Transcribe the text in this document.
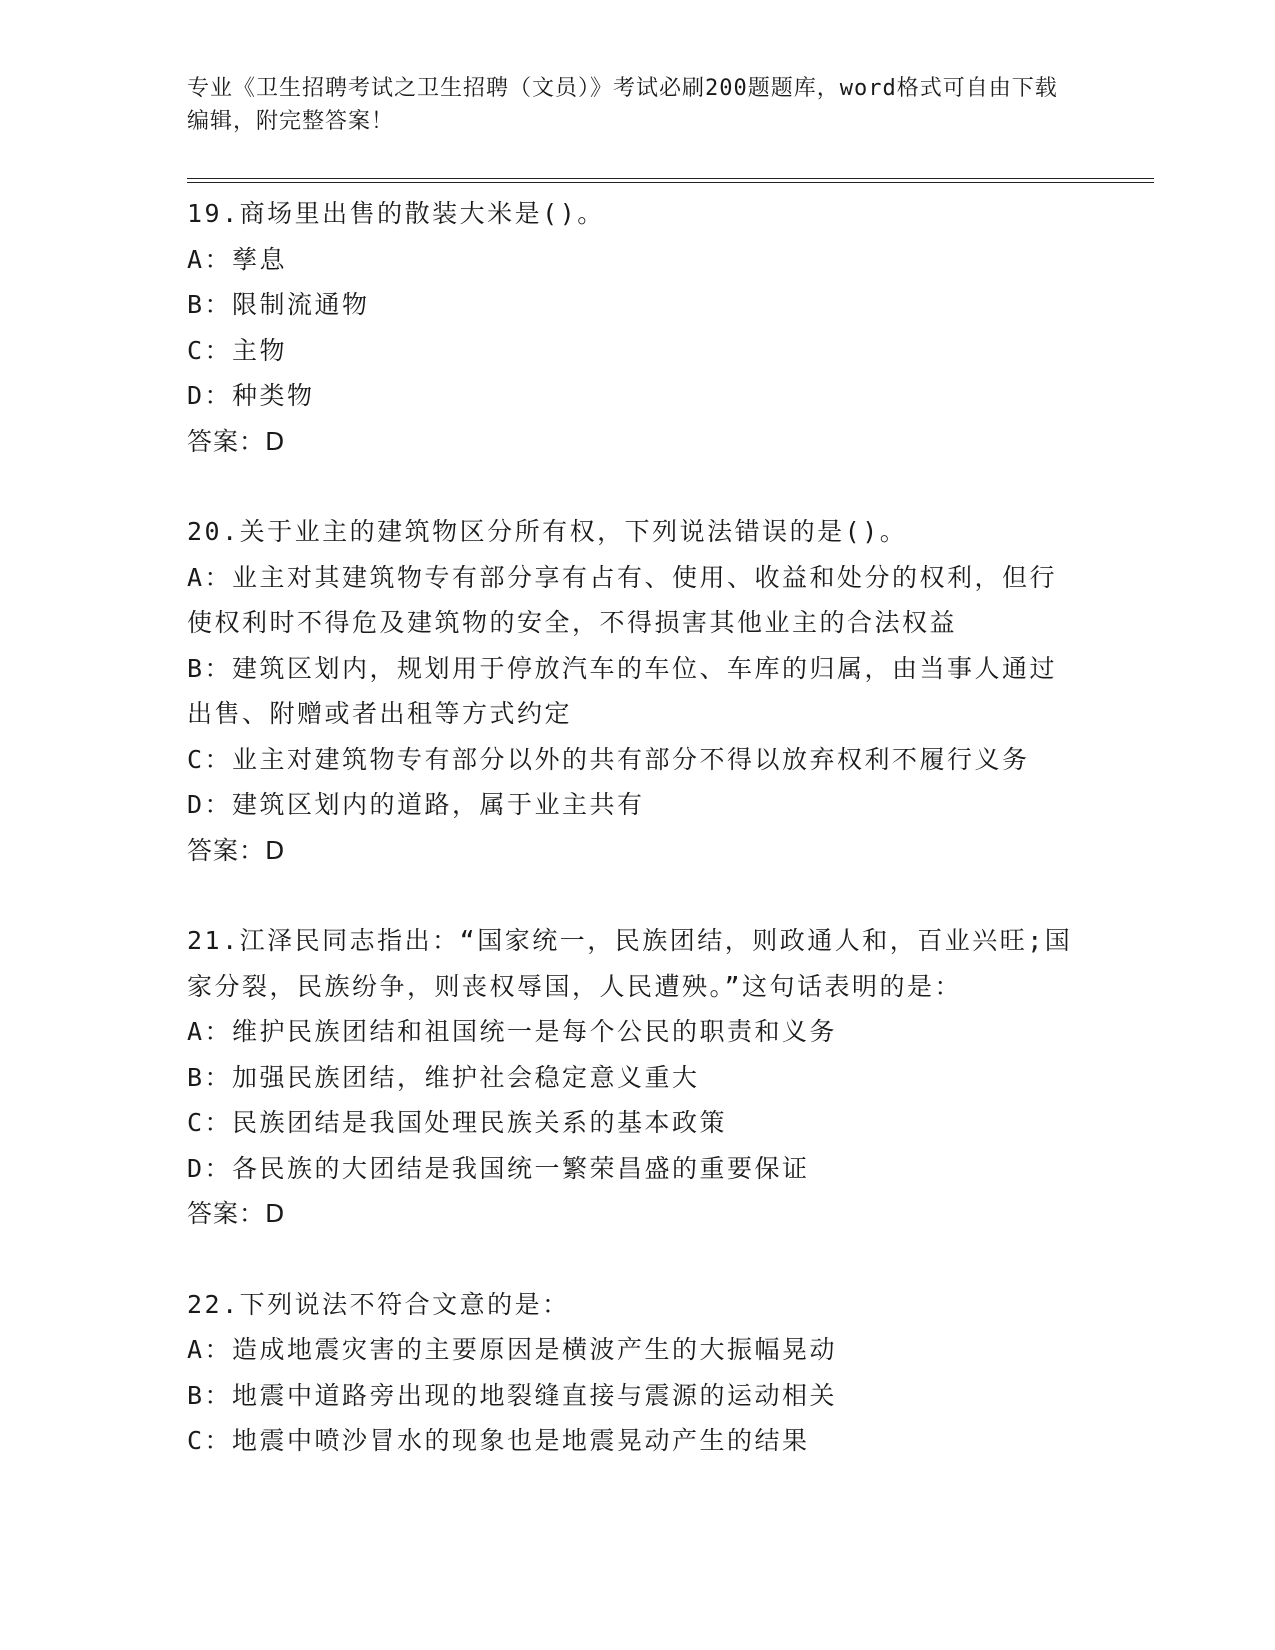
专业《卫生招聘考试之卫生招聘（文员）》考试必刷200题题库，word格式可自由下载编辑，附完整答案！
19.商场里出售的散装大米是()。
A：孳息
B：限制流通物
C：主物
D：种类物
答案：D
20.关于业主的建筑物区分所有权，下列说法错误的是()。
A：业主对其建筑物专有部分享有占有、使用、收益和处分的权利，但行使权利时不得危及建筑物的安全，不得损害其他业主的合法权益
B：建筑区划内，规划用于停放汽车的车位、车库的归属，由当事人通过出售、附赠或者出租等方式约定
C：业主对建筑物专有部分以外的共有部分不得以放弃权利不履行义务
D：建筑区划内的道路，属于业主共有
答案：D
21.江泽民同志指出：“国家统一，民族团结，则政通人和，百业兴旺;国家分裂，民族纷争，则丧权辱国，人民遭殃。”这句话表明的是：
A：维护民族团结和祖国统一是每个公民的职责和义务
B：加强民族团结，维护社会稳定意义重大
C：民族团结是我国处理民族关系的基本政策
D：各民族的大团结是我国统一繁荣昌盛的重要保证
答案：D
22.下列说法不符合文意的是：
A：造成地震灾害的主要原因是横波产生的大振幅晃动
B：地震中道路旁出现的地裂缝直接与震源的运动相关
C：地震中喷沙冒水的现象也是地震晃动产生的结果
